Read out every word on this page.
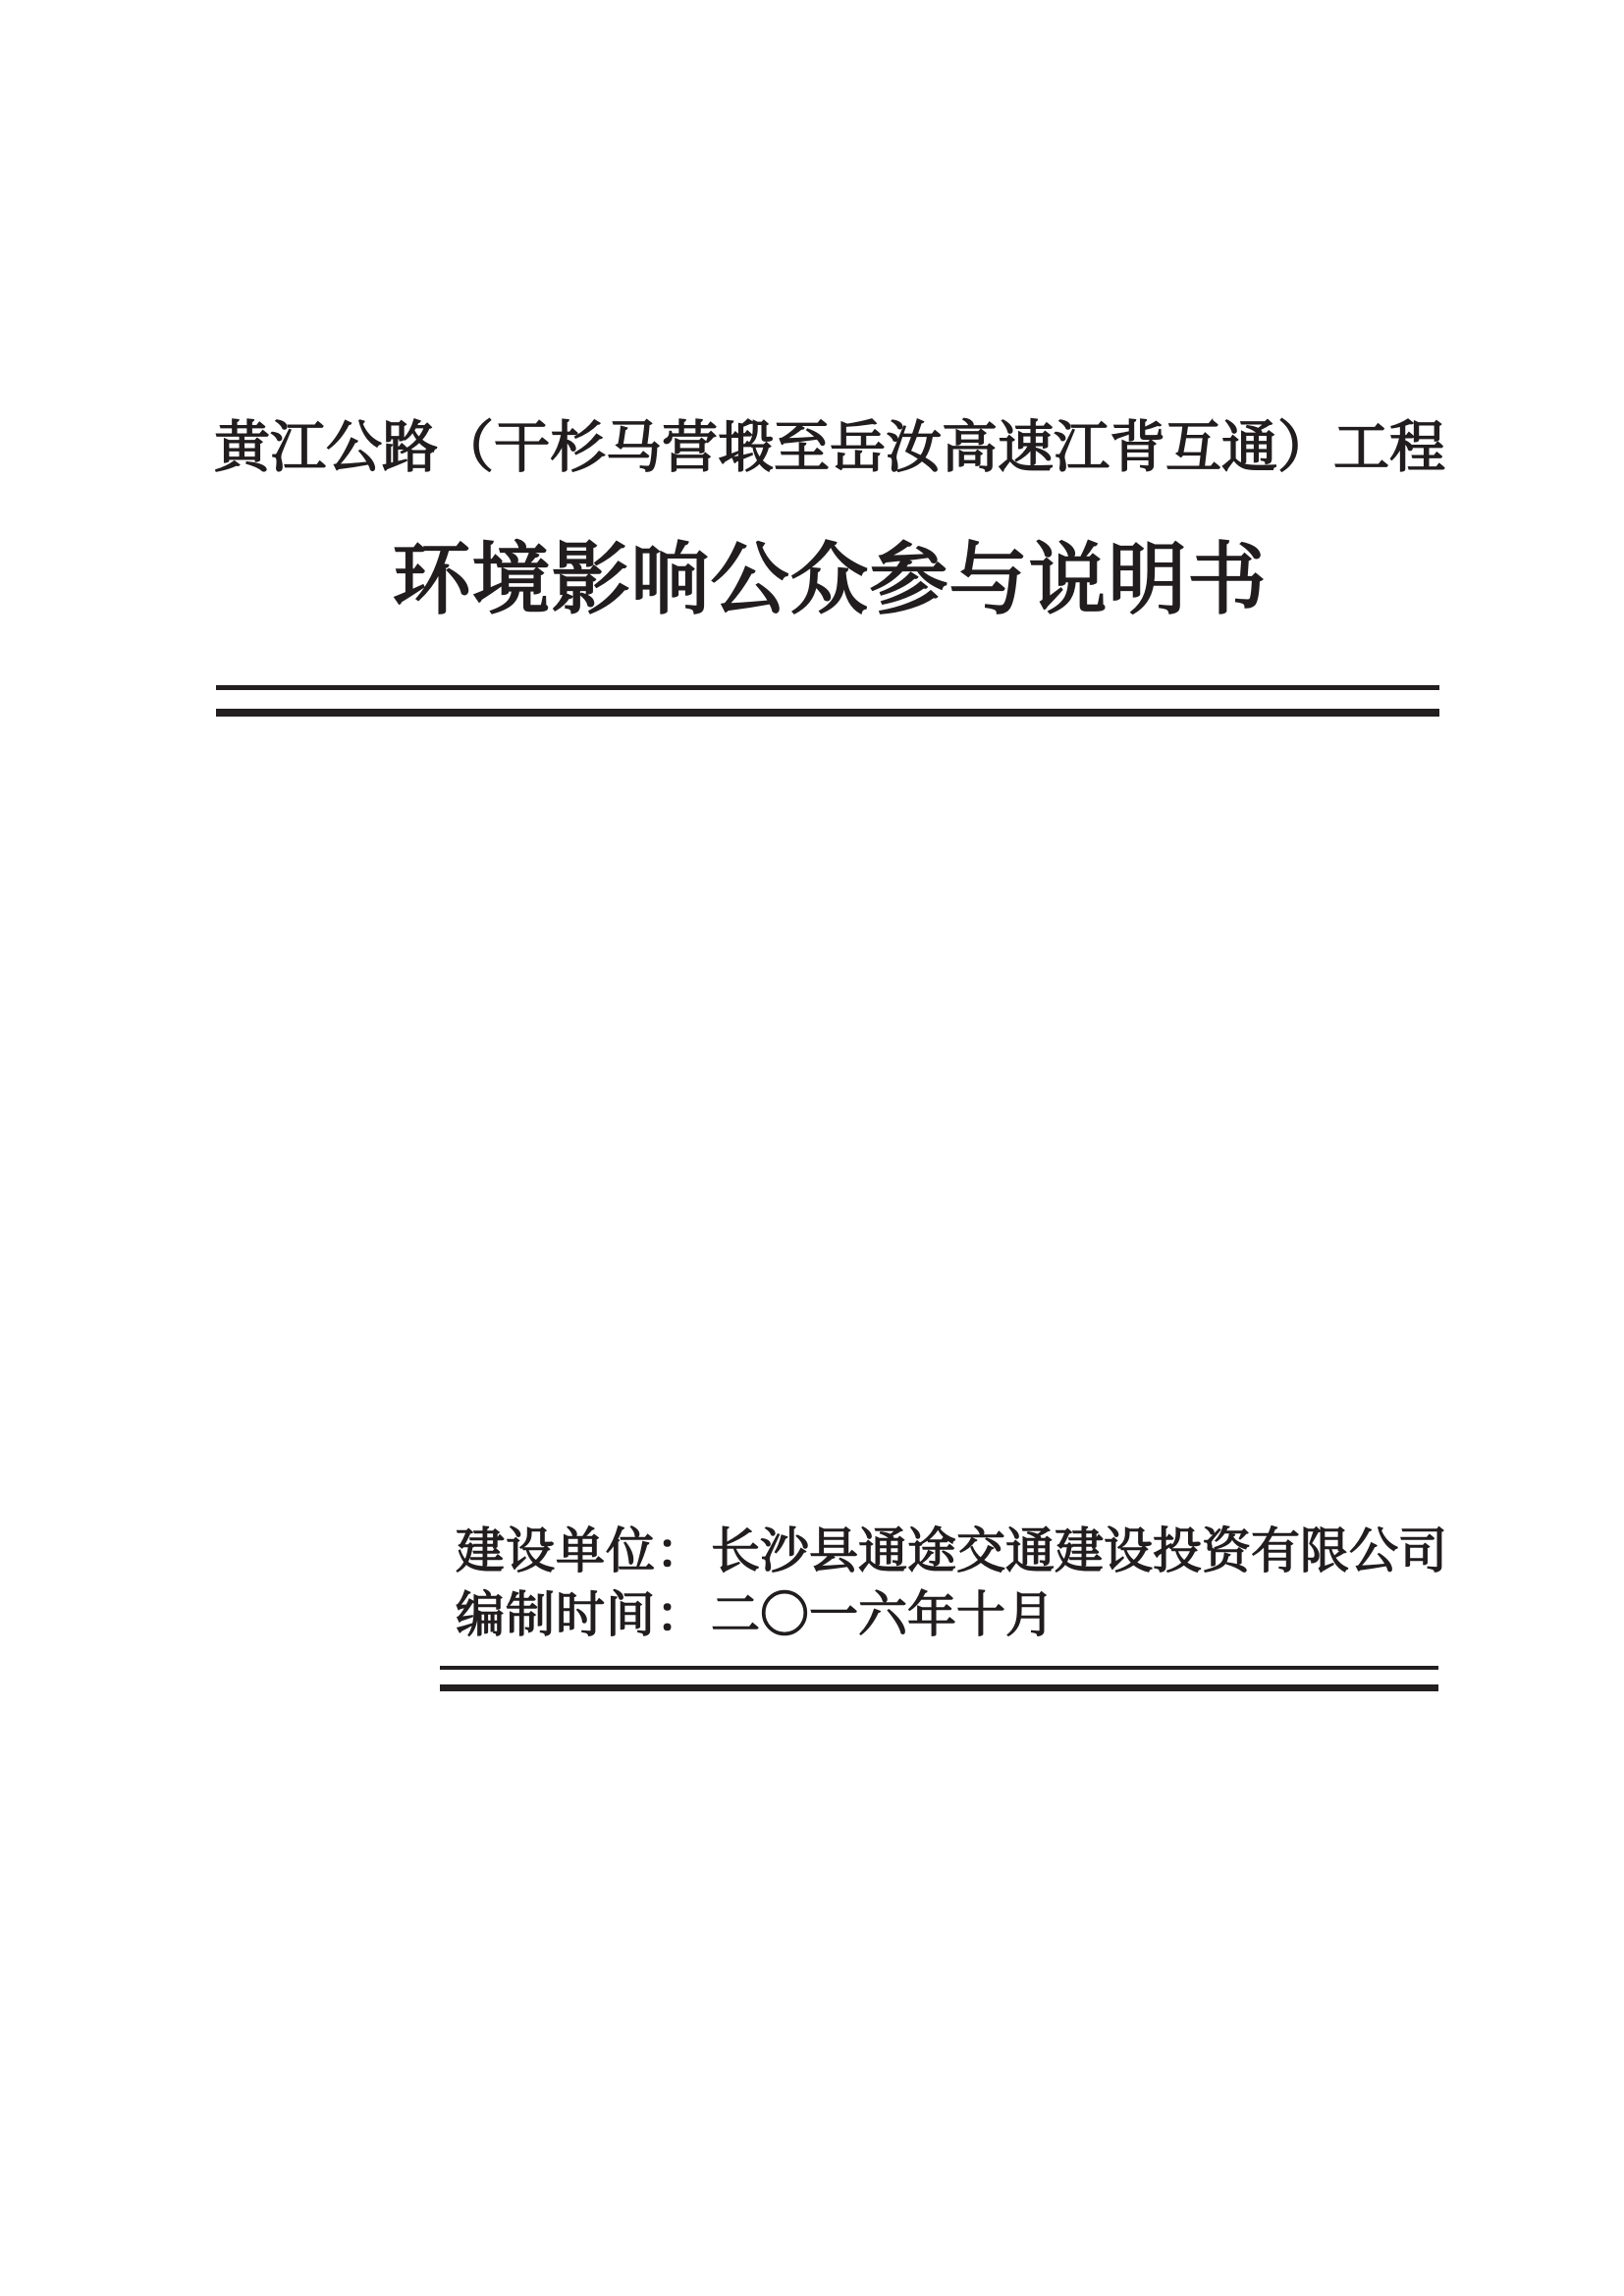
黄江公路（干杉马营塅至岳汝高速江背互通）工程
环境影响公众参与说明书
建设单位： 长沙县通途交通建设投资有限公司
编制时间： 二〇一六年十月
